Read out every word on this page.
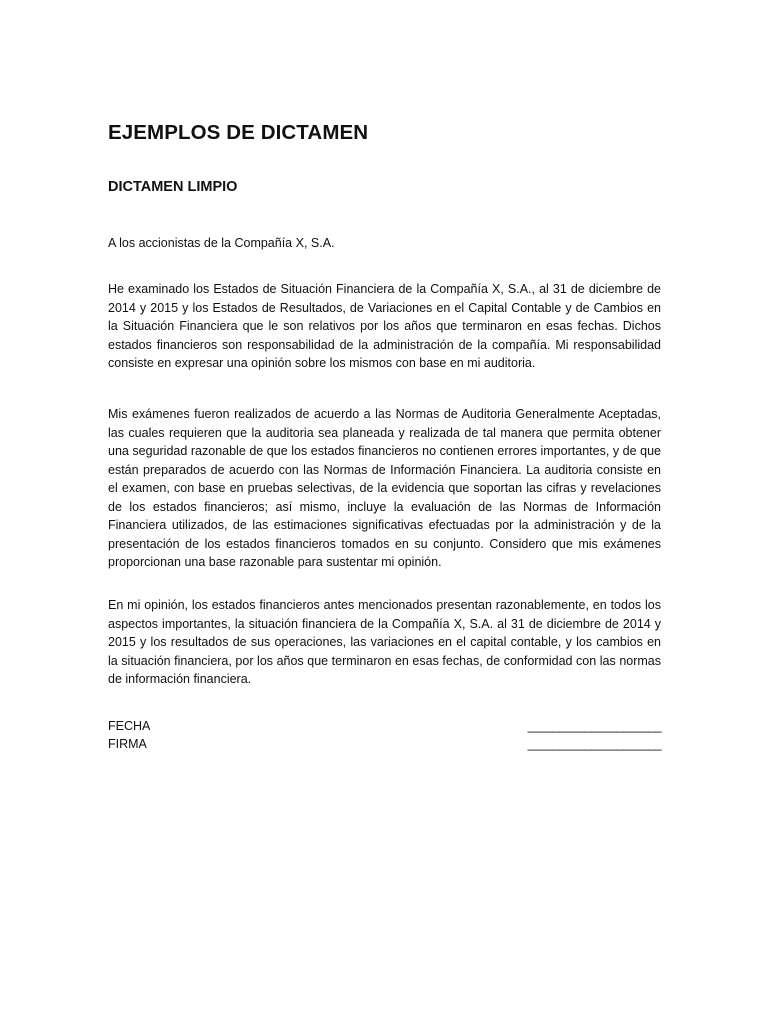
EJEMPLOS DE DICTAMEN
DICTAMEN LIMPIO

A los accionistas de la Compañía X, S.A.

He examinado los Estados de Situación Financiera de la Compañía X, S.A., al 31 de diciembre de 2014 y 2015 y los Estados de Resultados, de Variaciones en el Capital Contable y de Cambios en la Situación Financiera que le son relativos por los años que terminaron en esas fechas. Dichos estados financieros son responsabilidad de la administración de la compañía. Mi responsabilidad consiste en expresar una opinión sobre los mismos con base en mi auditoria.

Mis exámenes fueron realizados de acuerdo a las Normas de Auditoria Generalmente Aceptadas, las cuales requieren que la auditoria sea planeada y realizada de tal manera que permita obtener una seguridad razonable de que los estados financieros no contienen errores importantes, y de que están preparados de acuerdo con las Normas de Información Financiera. La auditoria consiste en el examen, con base en pruebas selectivas, de la evidencia que soportan las cifras y revelaciones de los estados financieros; así mismo, incluye la evaluación de las Normas de Información Financiera utilizados, de las estimaciones significativas efectuadas por la administración y de la presentación de los estados financieros tomados en su conjunto. Considero que mis exámenes proporcionan una base razonable para sustentar mi opinión.

En mi opinión, los estados financieros antes mencionados presentan razonablemente, en todos los aspectos importantes, la situación financiera de la Compañía X, S.A. al 31 de diciembre de 2014 y 2015 y los resultados de sus operaciones, las variaciones en el capital contable, y los cambios en la situación financiera, por los años que terminaron en esas fechas, de conformidad con las normas de información financiera.

FECHA

FIRMA

_____________________

_____________________
